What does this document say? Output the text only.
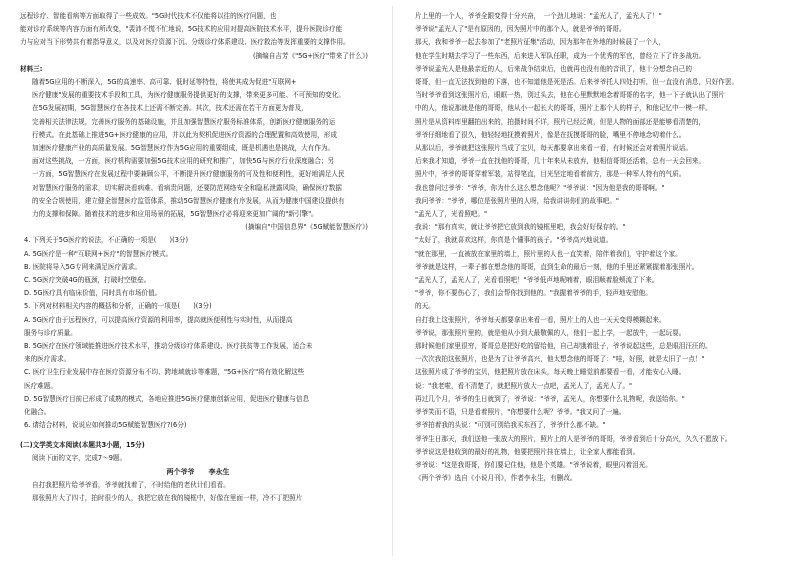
远程诊疗、智能看病等方面取得了一些成效。"5G时代技术不仅能将以往的医疗问题，也

能对诊疗系统等内容方面有所改变，"裴沛不慌不忙地说，5G技术的应用对提高医院技术水平，提升医院诊疗能

力与应对当下形势共有着指导意义，以及对医疗资源下沉、分级诊疗体系建设、医疗救治等发挥重要的支撑作用。

(摘编自吉芳《"5G+医疗"带来了什么》)

材料三:

随着5G应用的不断深入，5G的高速率、高可靠、低时延等特性，将使其成为促进"互联网+

医疗健康"发展的重要技术手段和工具，为医疗健康服务提供更好的支撑，带来更多可能、不可预知的变化。

在5G发展初期，5G智慧医疗在各技术上还需不断完善。其次，技术还需在若干方面更为普及，

完善相关法律法规，完善医疗服务的基础设施，并且加强智慧医疗服务标准体系，创新医疗健康服务的运

行模式。在此基础上推进5G+医疗健康的应用，并以此为契机促进医疗资源的合理配置和高效使用，形成

加速医疗健康产业的高质量发展。5G智慧医疗作为5G应用的重要组成，既是机遇也是挑战，大有作为。

面对这些挑战，一方面，医疗机构需要加强5G技术应用的研究和推广，加快5G与医疗行业深度融合；另

一方面，5G智慧医疗在发展过程中要兼顾公平，不断提升医疗健康服务的可及性和便利性，更好地满足人民

对智慧医疗服务的需求，切实解决看病难、看病贵问题，还要防范网络安全和隐私泄露风险，确保医疗数据

的安全合规使用，建立健全智慧医疗监管体系，推动5G智慧医疗健康有序发展，从而为健康中国建设提供有

力的支撑和保障。随着技术的进步和应用场景的拓展，5G智慧医疗必将迎来更加广阔的"新引擎"。

(摘编自"中国信息界"《5G赋能智慧医疗》)

4. 下列关于5G医疗的说法，不正确的一项是(　　)(3分)

A. 5G医疗是一种"互联网+医疗"的智慧医疗模式。

B. 医院将导入5G专网来满足医疗需求。

C. 5G医疗突破4G的瓶颈，打破时空壁垒。

D. 5G医疗具有临床价值，同时具有市场价值。

5. 下列对材料相关内容的概括和分析，正确的一项是(　　)(3分)

A. 5G医疗由于远程医疗，可以提高医疗资源的利用率，提高就医便利性与实时性，从而提高

服务与诊疗质量。

B. 5G医疗在医疗领域能推进医疗技术水平，推动分级诊疗体系建设、医疗扶贫等工作发展，适合未

来的医疗需求。

C. 医疗卫生行业发展中存在医疗资源分布不均、跨地域就诊等难题，"5G+医疗"将有效化解这些

医疗难题。

D. 5G智慧医疗目前已形成了成熟的模式，各地应推进5G医疗健康创新应用，促进医疗健康与信息

化融合。

6. 请结合材料，说说应如何推动5G赋能智慧医疗?(6分)

(二)文学类文本阅读(本题共3小题，15分)

阅读下面的文字，完成7～9题。

两个爷爷　　李永生

自打我把照片给爷爷看，爷爷就找着了，不时给他的老伙计们看看。

那张照片大了四寸，拍时很少的人，我把它放在我的镜框中，好像在里面一样，冷不丁把照片

片上里的一个人，爷爷全跟变得十分兴奋，　一个劲儿地说："孟光人了，孟光人了！"

爷爷说"孟光人了"是有原因的，因为照片中的那个人，就是爷爷的哥哥。

那天，我和爷爷一起去参加了"老照片征集"活动，因为那年在外地的时候晨了一个人，

他在学生时期去学习了一些东西，后来进入军队任职，成为一个优秀的军官，曾经立下了许多战功。

爷爷说孟光人是他最亲近的人，后来战争结束后，也就再也没有他的音讯了，他十分想念自己的

哥哥，但一直无法找到他的下落，也不知道他是死是活。后来爷爷托人四处打听，但一直没有消息，只好作罢。

当时爷爷看到这张照片后，眼眶一热，别过头去，他在心里默默地念着哥哥的名字，他一下子就认出了照片

中的人，他说那就是他的哥哥，他从小一起长大的哥哥，照片上那个人的样子，和他记忆中一模一样。

照片是从资料库里翻拍出来的，拍摄时间不详，照片已经泛黄，但是人物的面部还是能够看清楚的，

爷爷仔细地看了很久，他轻轻地抚摸着照片，像是在抚摸哥哥的脸，嘴里不停地念叨着什么。

从那以后，爷爷就把这张照片当成了宝贝，每天都要拿出来看一看，有时候还会对着照片说话。

后来我才知道，爷爷一直在找他的哥哥，几十年来从未放弃，他相信哥哥还活着，总有一天会回来。

照片中，爷爷的哥哥穿着军装，站得笔直，目光坚定地看着前方，那是一种军人特有的气质。

我也曾问过爷爷："爷爷，你为什么这么想念他呢？"爷爷说："因为他是我的哥哥啊。"

我问爷爷："爷爷，哪位是张照片里的人呀，给我讲讲你们的故事吧。"

"孟光人了，光看照吧。"

我说："那有真实，就让爷爷把它放到我的镜框里吧，我会好好保存的。"

"太好了，我就喜欢这样，你真是个懂事的孩子。"爷爷高兴地说道。

"就在那里，一直被放在家里的墙上，照片里的人也一直笑着，陪伴着我们，守护着这个家。

爷爷就是这样，一辈子都在想念他的哥哥，直到生命的最后一刻，他的手里还紧紧握着那张照片。

"孟光人了，孟光人了，光看看照吧！"爷爷低声地呢喃着，眼泪顺着脸颊流了下来。

"爷爷，你不要伤心了，我们会帮你找到他的。"我握着爷爷的手，轻声地安慰他。

的天。

自打我上这张照片，爷爷每天都要拿出来看一看，照片上的人也一天天变得模糊起来。

爷爷说，那张照片里的，就是他从小到大最敬佩的人，他们一起上学，一起放牛，一起玩耍。

那时候他们家里很穷，哥哥总是把好吃的留给他，自己却饿着肚子，爷爷说起这些，总是眼泪汪汪的。

一次次我拍这张照片，也是为了让爷爷高兴，他太想念他的哥哥了："哇，好照，就是太旧了一点！"

这张照片成了爷爷的宝贝，他把照片放在床头，每天晚上睡觉前都要看一看，才能安心入睡。

说："我老啦，看不清楚了，就把照片放大一点吧，孟光人了，孟光人了。"

再过几个月，爷爷的生日就到了，爷爷说："爷爷，孟光人，你想要什么礼物呢，我送给你。"

爷爷笑而不语，只是看着照片，"你想要什么呢？爷爷。"我又问了一遍。

爷爷拍着我的头说："可别可别给我买东西了，爷爷什么都不缺。"

爷爷生日那天，我们送他一张放大的照片，照片上的人是爷爷的哥哥，爷爷看到后十分高兴，久久不愿放下。

爷爷说这是他收到的最好的礼物，他要把照片挂在墙上，让全家人都能看到。

爷爷说："这是我哥哥，你们要记住他，他是个英雄。"爷爷说着，眼里闪着泪光。

《两个爷爷》选自《小说月刊》，作者李永生，有删改。
